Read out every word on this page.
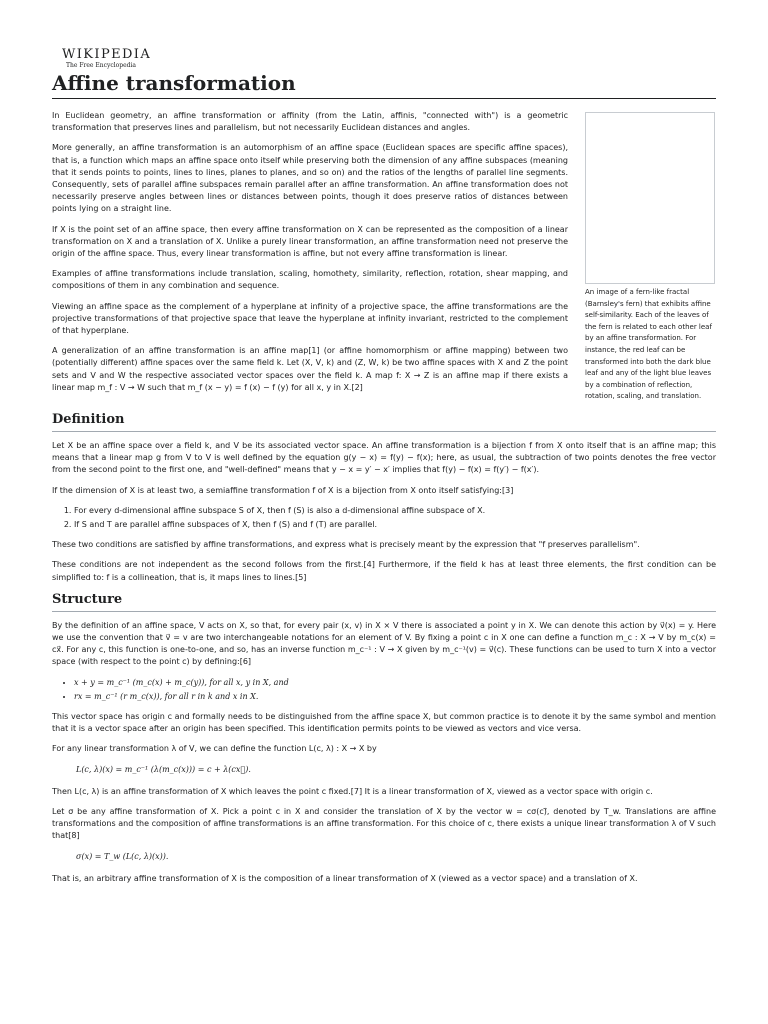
WIKIPEDIA
The Free Encyclopedia
Affine transformation
An image of a fern-like fractal (Barnsley's fern) that exhibits affine self-similarity. Each of the leaves of the fern is related to each other leaf by an affine transformation. For instance, the red leaf can be transformed into both the dark blue leaf and any of the light blue leaves by a combination of reflection, rotation, scaling, and translation.

In Euclidean geometry, an affine transformation or affinity (from the Latin, affinis, "connected with") is a geometric transformation that preserves lines and parallelism, but not necessarily Euclidean distances and angles.

More generally, an affine transformation is an automorphism of an affine space (Euclidean spaces are specific affine spaces), that is, a function which maps an affine space onto itself while preserving both the dimension of any affine subspaces (meaning that it sends points to points, lines to lines, planes to planes, and so on) and the ratios of the lengths of parallel line segments. Consequently, sets of parallel affine subspaces remain parallel after an affine transformation. An affine transformation does not necessarily preserve angles between lines or distances between points, though it does preserve ratios of distances between points lying on a straight line.

If X is the point set of an affine space, then every affine transformation on X can be represented as the composition of a linear transformation on X and a translation of X. Unlike a purely linear transformation, an affine transformation need not preserve the origin of the affine space. Thus, every linear transformation is affine, but not every affine transformation is linear.

Examples of affine transformations include translation, scaling, homothety, similarity, reflection, rotation, shear mapping, and compositions of them in any combination and sequence.

Viewing an affine space as the complement of a hyperplane at infinity of a projective space, the affine transformations are the projective transformations of that projective space that leave the hyperplane at infinity invariant, restricted to the complement of that hyperplane.

A generalization of an affine transformation is an affine map[1] (or affine homomorphism or affine mapping) between two (potentially different) affine spaces over the same field k. Let (X, V, k) and (Z, W, k) be two affine spaces with X and Z the point sets and V and W the respective associated vector spaces over the field k. A map f: X → Z is an affine map if there exists a linear map m_f : V → W such that m_f (x − y) = f (x) − f (y) for all x, y in X.[2]

Definition

Let X be an affine space over a field k, and V be its associated vector space. An affine transformation is a bijection f from X onto itself that is an affine map; this means that a linear map g from V to V is well defined by the equation g(y − x) = f(y) − f(x); here, as usual, the subtraction of two points denotes the free vector from the second point to the first one, and "well-defined" means that y − x = y′ − x′ implies that f(y) − f(x) = f(y′) − f(x′).

If the dimension of X is at least two, a semiaffine transformation f of X is a bijection from X onto itself satisfying:[3]

1. For every d-dimensional affine subspace S of X, then f (S) is also a d-dimensional affine subspace of X.
2. If S and T are parallel affine subspaces of X, then f (S) and f (T) are parallel.

These two conditions are satisfied by affine transformations, and express what is precisely meant by the expression that "f preserves parallelism".

These conditions are not independent as the second follows from the first.[4] Furthermore, if the field k has at least three elements, the first condition can be simplified to: f is a collineation, that is, it maps lines to lines.[5]

Structure

By the definition of an affine space, V acts on X, so that, for every pair (x, v) in X × V there is associated a point y in X. We can denote this action by v⃗(x) = y. Here we use the convention that v⃗ = v are two interchangeable notations for an element of V. By fixing a point c in X one can define a function m_c : X → V by m_c(x) = cx⃗. For any c, this function is one-to-one, and so, has an inverse function m_c⁻¹ : V → X given by m_c⁻¹(v) = v⃗(c). These functions can be used to turn X into a vector space (with respect to the point c) by defining:[6]

• x + y = m_c⁻¹ (m_c(x) + m_c(y)), for all x, y in X, and
• rx = m_c⁻¹ (r m_c(x)), for all r in k and x in X.

This vector space has origin c and formally needs to be distinguished from the affine space X, but common practice is to denote it by the same symbol and mention that it is a vector space after an origin has been specified. This identification permits points to be viewed as vectors and vice versa.

For any linear transformation λ of V, we can define the function L(c, λ) : X → X by

L(c, λ)(x) = m_c⁻¹ (λ(m_c(x))) = c + λ(cx⃗).

Then L(c, λ) is an affine transformation of X which leaves the point c fixed.[7] It is a linear transformation of X, viewed as a vector space with origin c.

Let σ be any affine transformation of X. Pick a point c in X and consider the translation of X by the vector w = cσ(c)⃗, denoted by T_w. Translations are affine transformations and the composition of affine transformations is an affine transformation. For this choice of c, there exists a unique linear transformation λ of V such that[8]

σ(x) = T_w (L(c, λ)(x)).

That is, an arbitrary affine transformation of X is the composition of a linear transformation of X (viewed as a vector space) and a translation of X.
